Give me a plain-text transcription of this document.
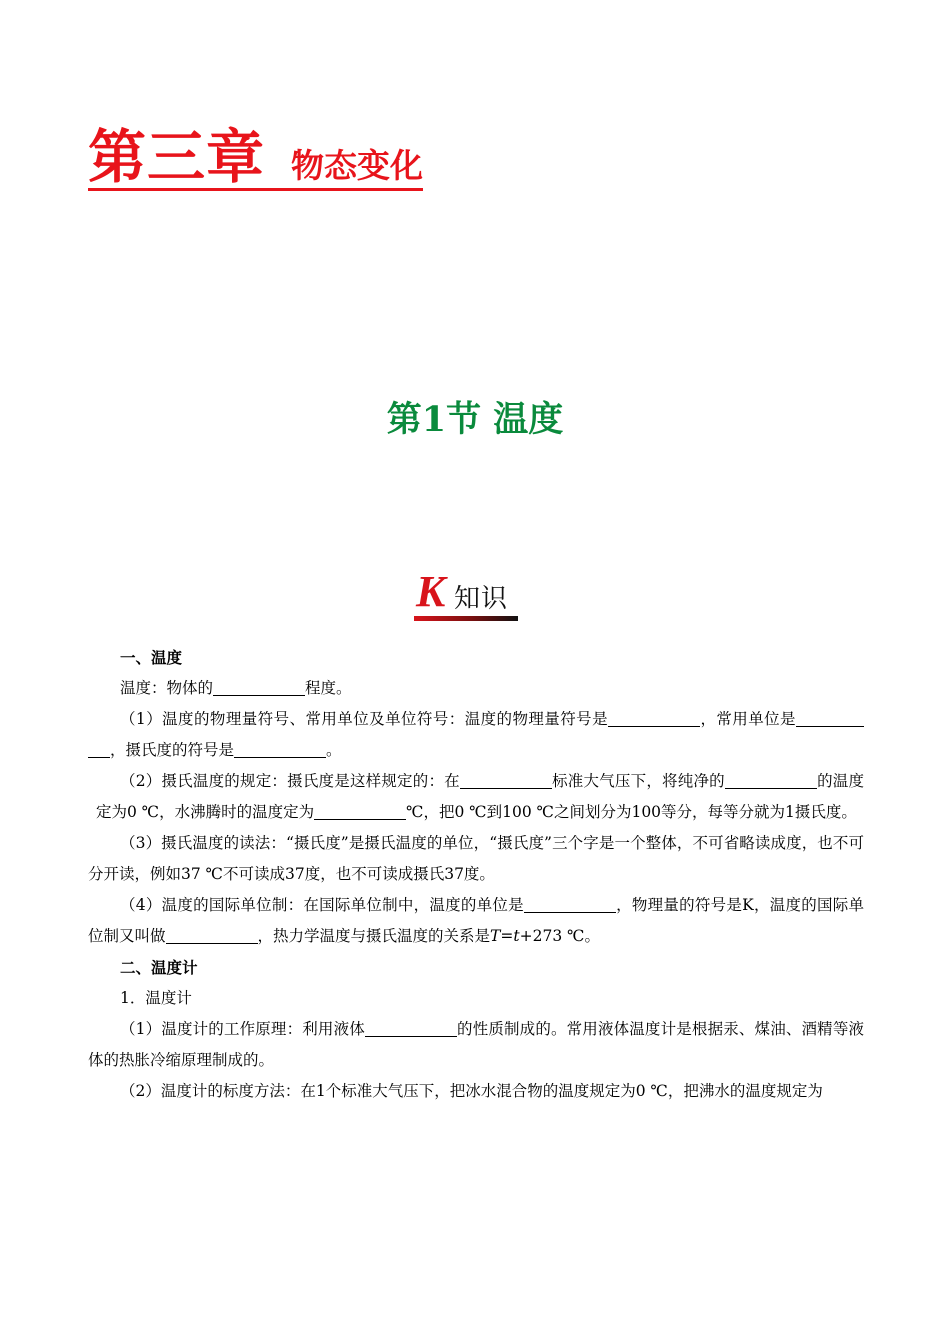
第三章 物态变化
第1节 温度
K 知识

一、温度

温度：物体的	程度。

（1）温度的物理量符号、常用单位及单位符号：温度的物理量符号是	，常用单位是，摄氏度的符号是	。

（2）摄氏温度的规定：摄氏度是这样规定的：在	标准大气压下，将纯净的	的温度定为0 ℃，水沸腾时的温度定为	℃，把0 ℃到100 ℃之间划分为100等分，每等分就为1摄氏度。

（3）摄氏温度的读法：“摄氏度”是摄氏温度的单位，“摄氏度”三个字是一个整体，不可省略读成度，也不可分开读，例如37 ℃不可读成37度，也不可读成摄氏37度。

（4）温度的国际单位制：在国际单位制中，温度的单位是	，物理量的符号是K，温度的国际单位制又叫做	，热力学温度与摄氏温度的关系是T=t+273 ℃。

二、温度计

1．温度计

（1）温度计的工作原理：利用液体	的性质制成的。常用液体温度计是根据汞、煤油、酒精等液体的热胀冷缩原理制成的。

（2）温度计的标度方法：在1个标准大气压下，把冰水混合物的温度规定为0 ℃，把沸水的温度规定为
